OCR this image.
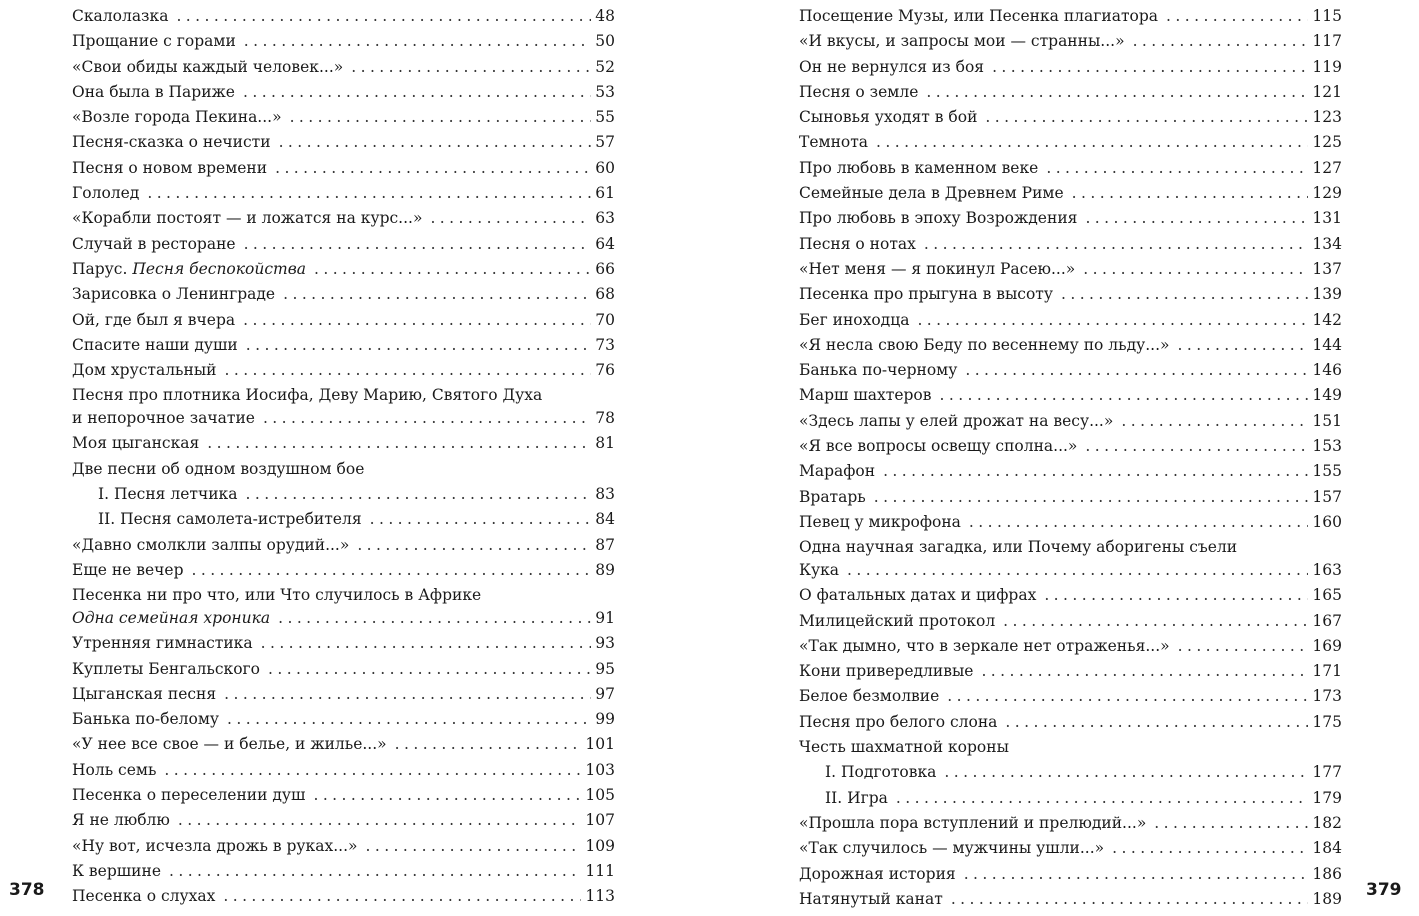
Скалолазка . . .	48
Прощание с горами . . .	50
«Свои обиды каждый человек...» . . .	52
Она была в Париже . . .	53
«Возле города Пекина...» . . .	55
Песня-сказка о нечисти . . .	57
Песня о новом времени . . .	60
Гололед . . .	61
«Корабли постоят — и ложатся на курс...» . . .	63
Случай в ресторане . . .	64
Парус. Песня беспокойства . . .	66
Зарисовка о Ленинграде . . .	68
Ой, где был я вчера . . .	70
Спасите наши души . . .	73
Дом хрустальный . . .	76
Песня про плотника Иосифа, Деву Марию, Святого Духа
и непорочное зачатие . . .	78
Моя цыганская . . .	81
Две песни об одном воздушном бое
I. Песня летчика . . .	83
II. Песня самолета-истребителя . . .	84
«Давно смолкли залпы орудий...» . . .	87
Еще не вечер . . .	89
Песенка ни про что, или Что случилось в Африке
Одна семейная хроника . . .	91
Утренняя гимнастика . . .	93
Куплеты Бенгальского . . .	95
Цыганская песня . . .	97
Банька по-белому . . .	99
«У нее все свое — и белье, и жилье...» . . .	101
Ноль семь . . .	103
Песенка о переселении душ . . .	105
Я не люблю . . .	107
«Ну вот, исчезла дрожь в руках...» . . .	109
К вершине . . .	111
Песенка о слухах . . .	113
Посещение Музы, или Песенка плагиатора . . .	115
«И вкусы, и запросы мои — странны...» . . .	117
Он не вернулся из боя . . .	119
Песня о земле . . .	121
Сыновья уходят в бой . . .	123
Темнота . . .	125
Про любовь в каменном веке . . .	127
Семейные дела в Древнем Риме . . .	129
Про любовь в эпоху Возрождения . . .	131
Песня о нотах . . .	134
«Нет меня — я покинул Расею...» . . .	137
Песенка про прыгуна в высоту . . .	139
Бег иноходца . . .	142
«Я несла свою Беду по весеннему по льду...» . . .	144
Банька по-черному . . .	146
Марш шахтеров . . .	149
«Здесь лапы у елей дрожат на весу...» . . .	151
«Я все вопросы освещу сполна...» . . .	153
Марафон . . .	155
Вратарь . . .	157
Певец у микрофона . . .	160
Одна научная загадка, или Почему аборигены съели
Кука . . .	163
О фатальных датах и цифрах . . .	165
Милицейский протокол . . .	167
«Так дымно, что в зеркале нет отраженья...» . . .	169
Кони привередливые . . .	171
Белое безмолвие . . .	173
Песня про белого слона . . .	175
Честь шахматной короны
I. Подготовка . . .	177
II. Игра . . .	179
«Прошла пора вступлений и прелюдий...» . . .	182
«Так случилось — мужчины ушли...» . . .	184
Дорожная история . . .	186
Натянутый канат . . .	189
378	379
